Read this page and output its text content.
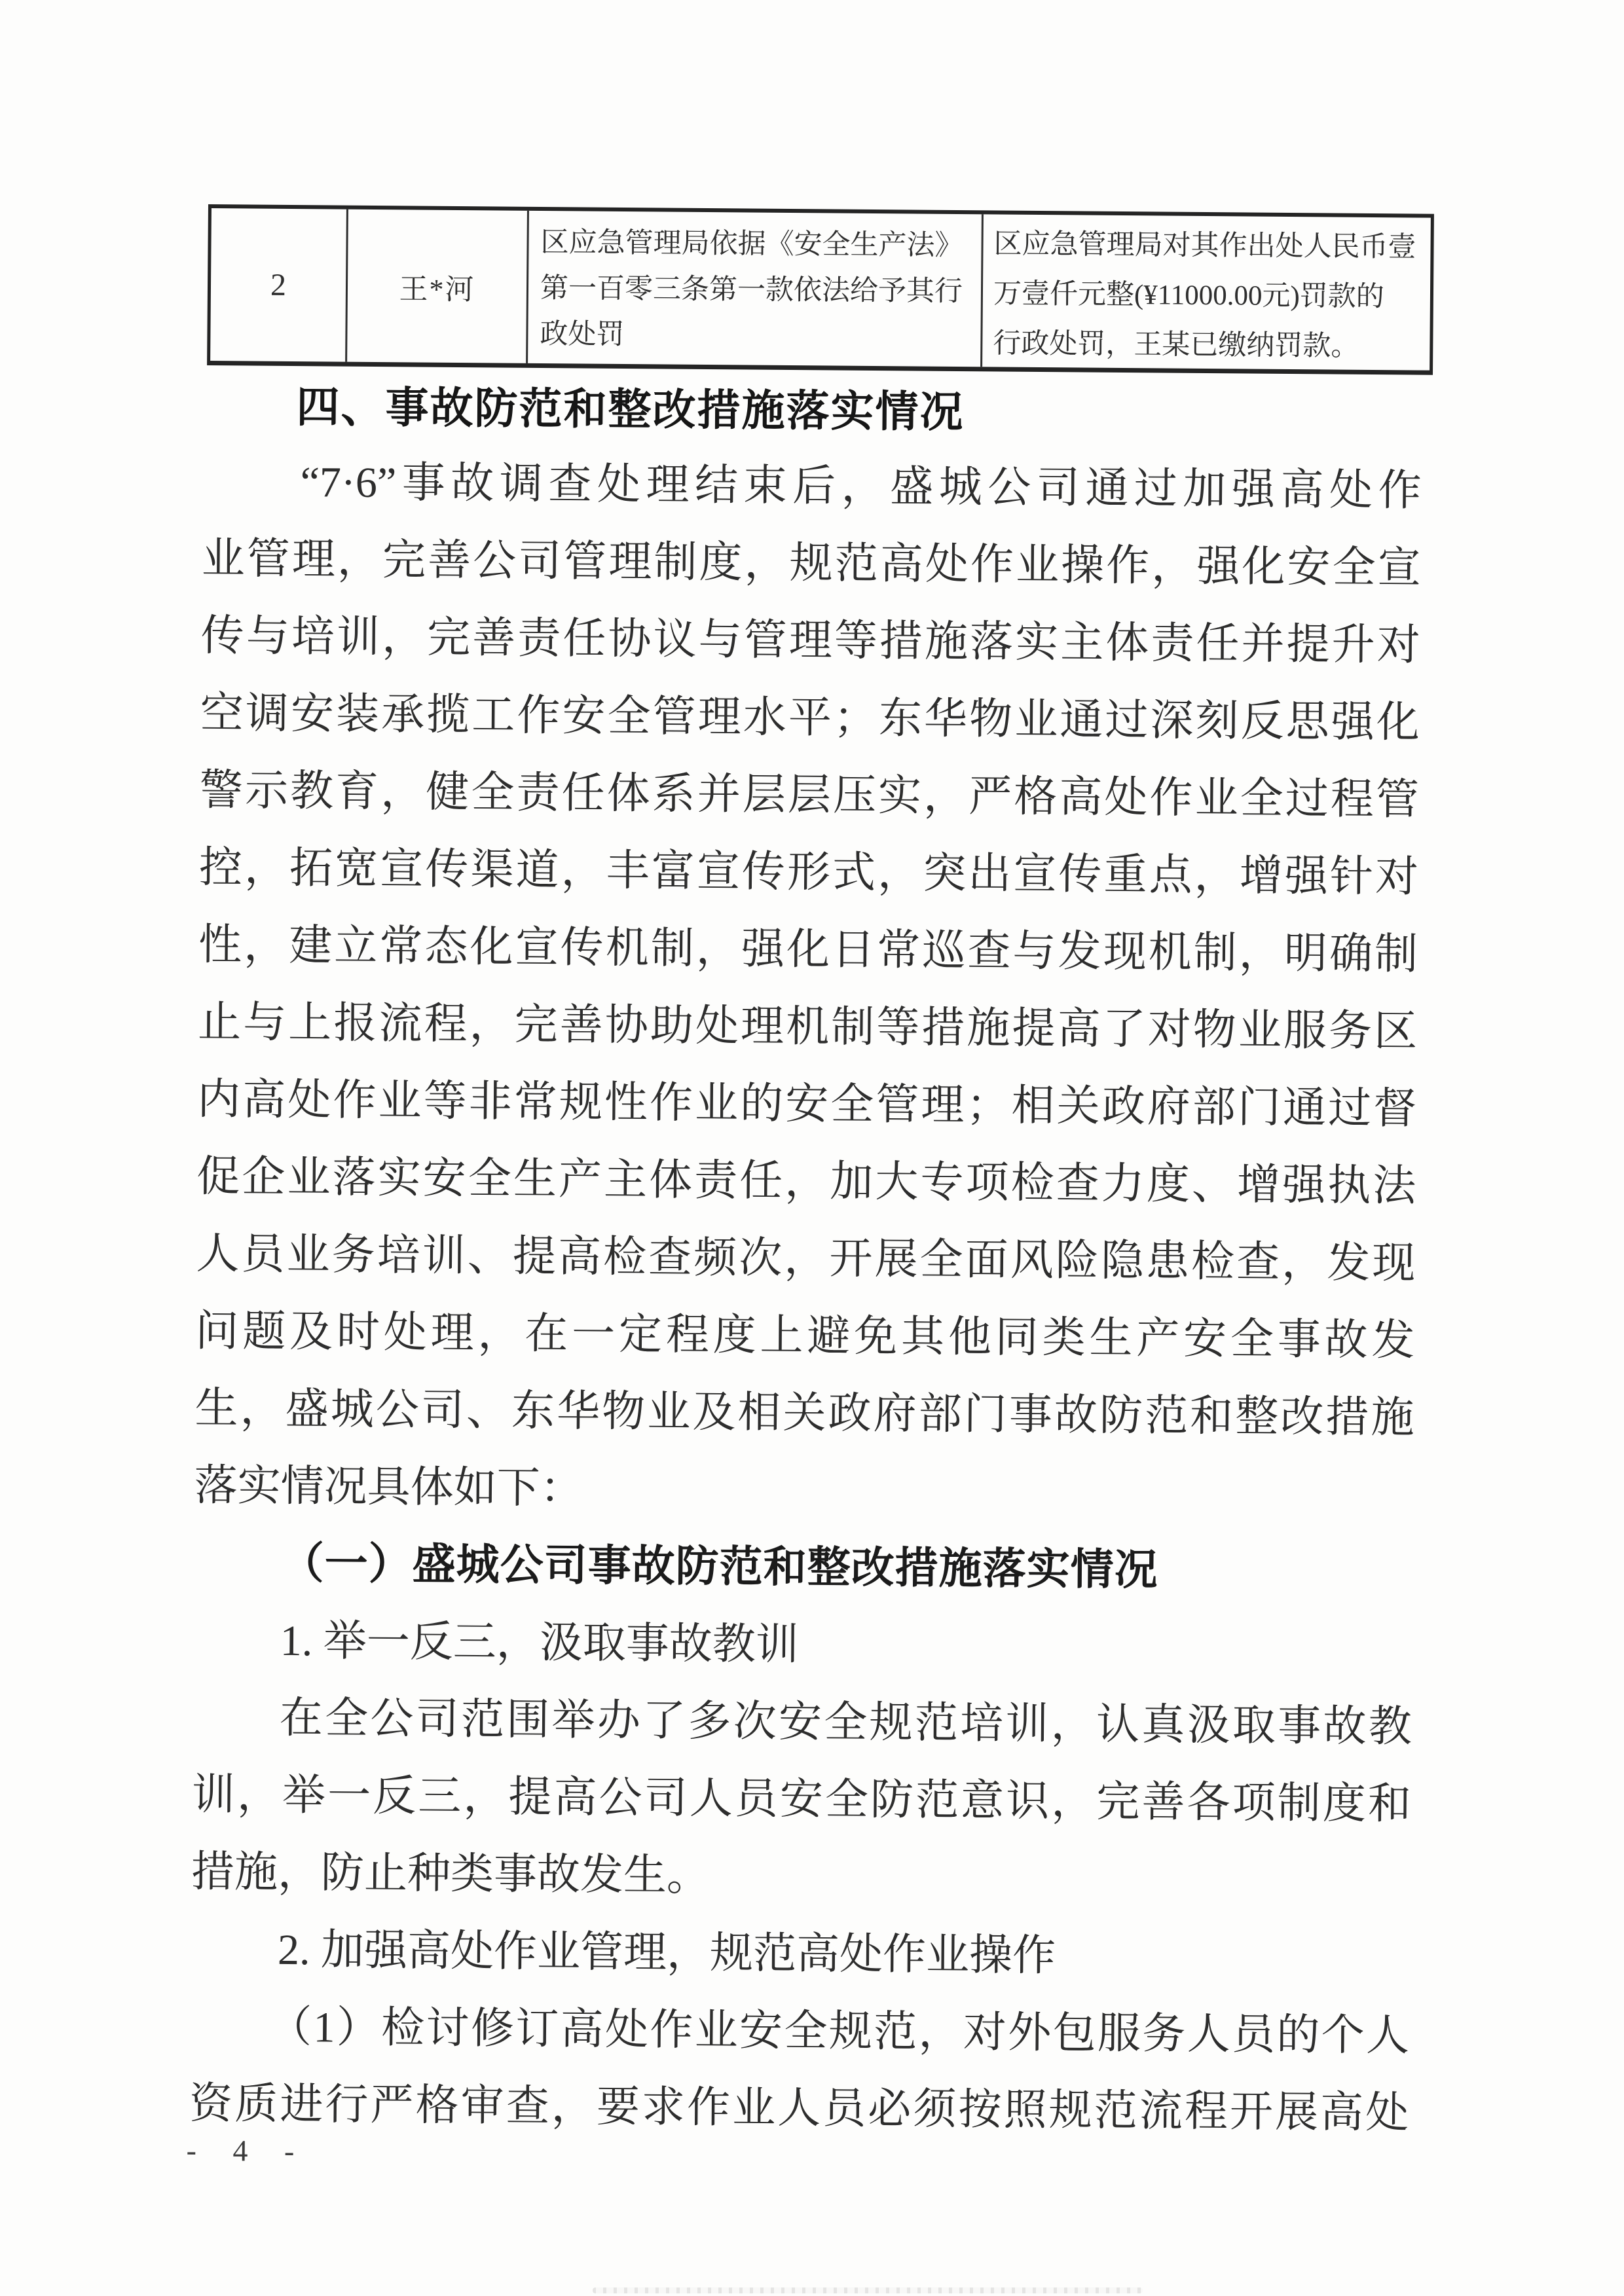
2	王*河
区应急管理局依据《安全生产法》
第一百零三条第一款依法给予其行
政处罚
区应急管理局对其作出处人民币壹
万壹仟元整(¥11000.00元)罚款的
行政处罚，王某已缴纳罚款。
四、事故防范和整改措施落实情况
“7·6”事故调查处理结束后，盛城公司通过加强高处作
业管理，完善公司管理制度，规范高处作业操作，强化安全宣
传与培训，完善责任协议与管理等措施落实主体责任并提升对
空调安装承揽工作安全管理水平；东华物业通过深刻反思强化
警示教育，健全责任体系并层层压实，严格高处作业全过程管
控，拓宽宣传渠道，丰富宣传形式，突出宣传重点，增强针对
性，建立常态化宣传机制，强化日常巡查与发现机制，明确制
止与上报流程，完善协助处理机制等措施提高了对物业服务区
内高处作业等非常规性作业的安全管理；相关政府部门通过督
促企业落实安全生产主体责任，加大专项检查力度、增强执法
人员业务培训、提高检查频次，开展全面风险隐患检查，发现
问题及时处理，在一定程度上避免其他同类生产安全事故发
生，盛城公司、东华物业及相关政府部门事故防范和整改措施
落实情况具体如下：
（一）盛城公司事故防范和整改措施落实情况
1. 举一反三，汲取事故教训
在全公司范围举办了多次安全规范培训，认真汲取事故教
训，举一反三，提高公司人员安全防范意识，完善各项制度和
措施，防止种类事故发生。
2. 加强高处作业管理，规范高处作业操作
（1）检讨修订高处作业安全规范，对外包服务人员的个人
资质进行严格审查，要求作业人员必须按照规范流程开展高处
- 4 -
